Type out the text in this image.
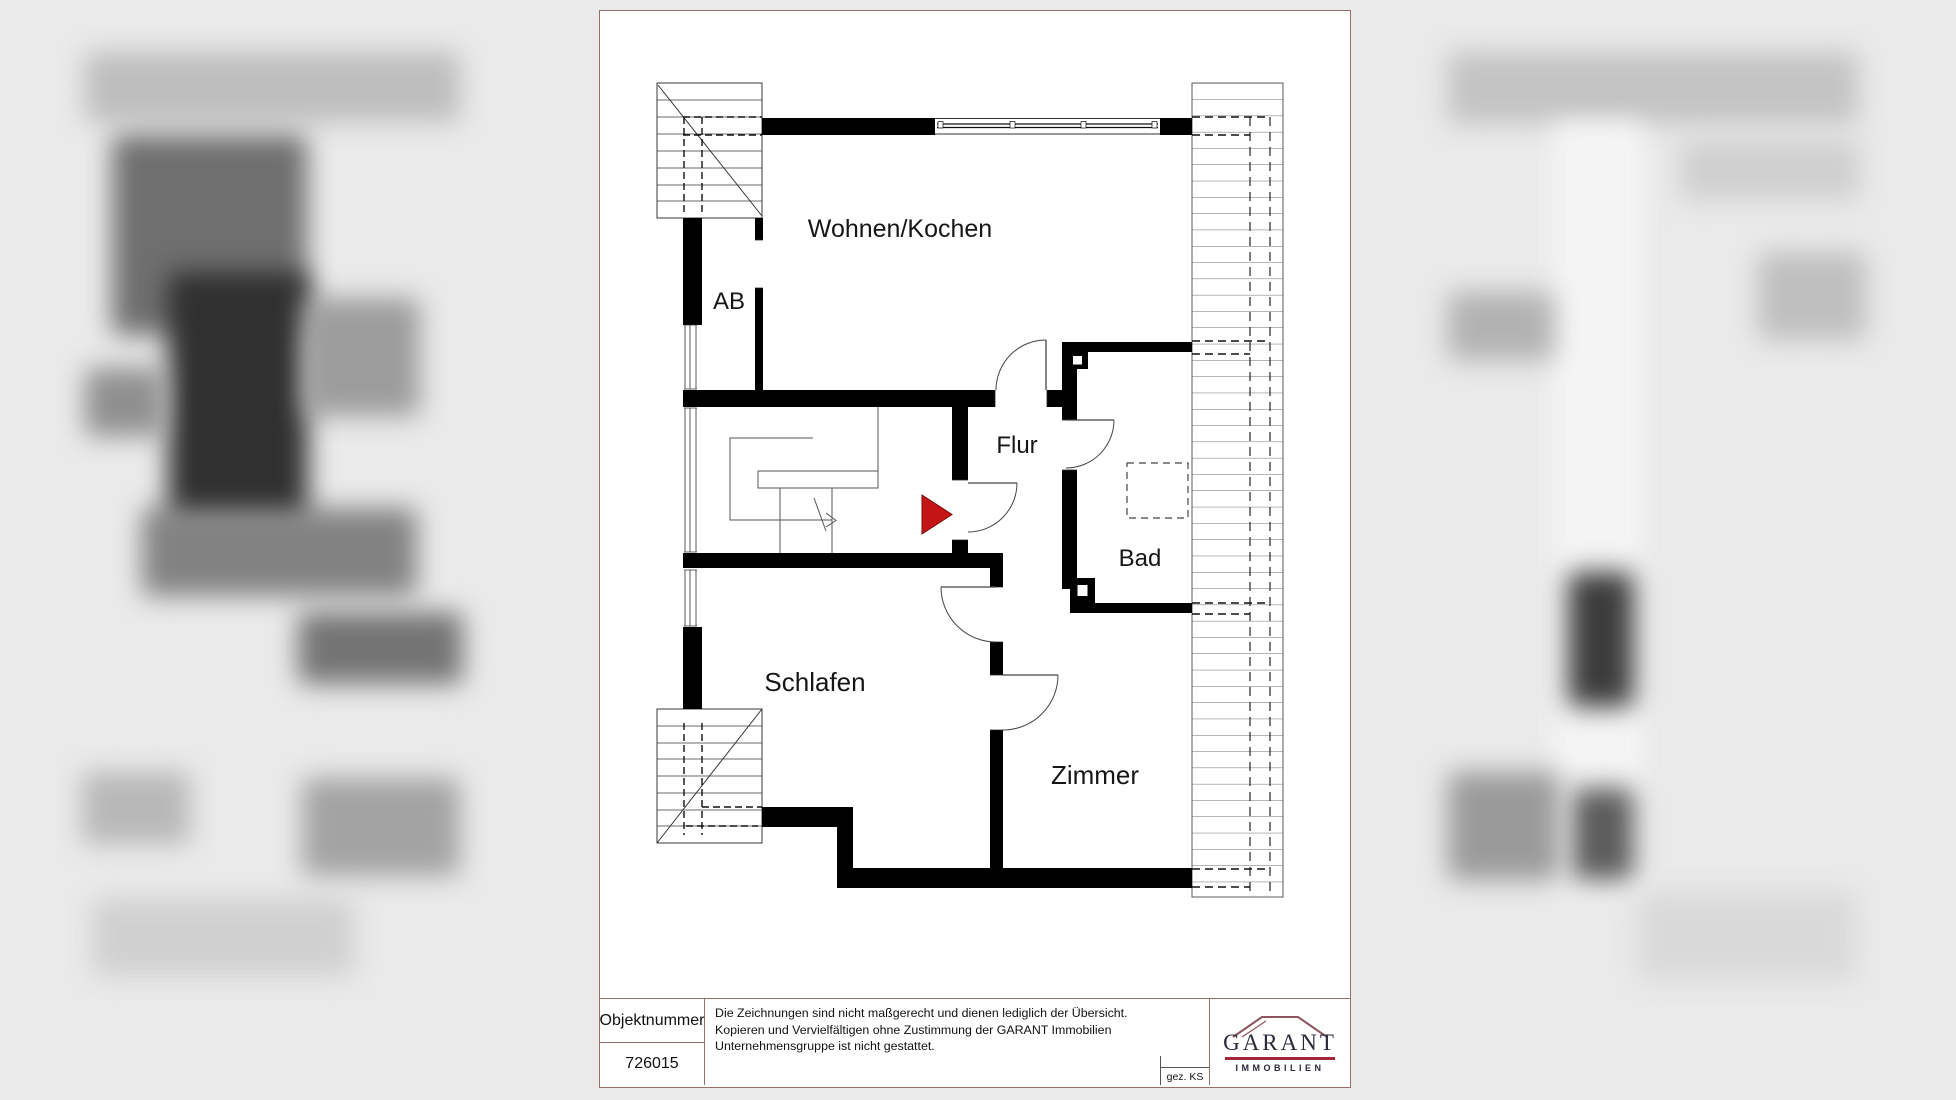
Wohnen/Kochen
AB
Flur
Bad
Schlafen
Zimmer
Objektnummer
726015
Die Zeichnungen sind nicht maßgerecht und dienen lediglich der Übersicht.
Kopieren und Vervielfältigen ohne Zustimmung der GARANT Immobilien
Unternehmensgruppe ist nicht gestattet.
gez. KS
GARANT
IMMOBILIEN
